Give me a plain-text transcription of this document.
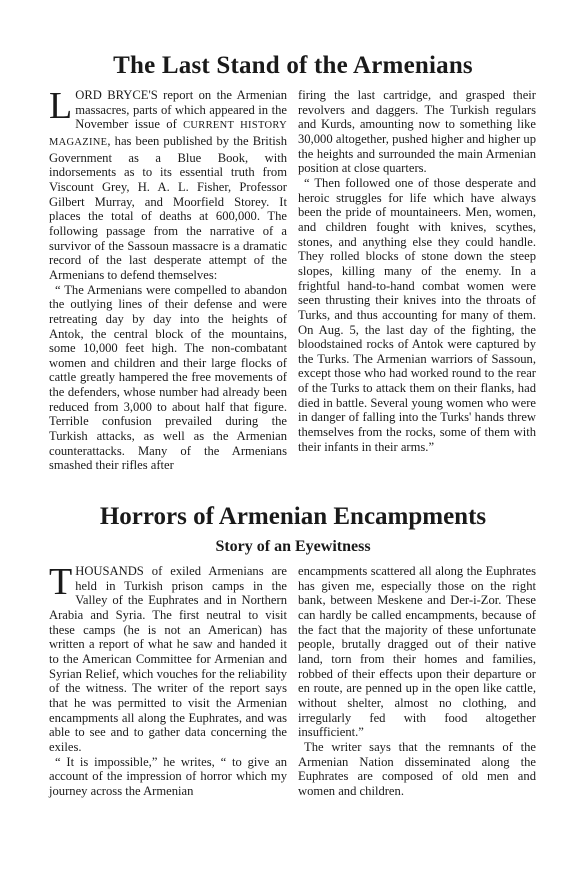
The Last Stand of the Armenians

LORD BRYCE'S report on the Armenian massacres, parts of which appeared in the November issue of CURRENT HISTORY MAGAZINE, has been published by the British Government as a Blue Book, with indorsements as to its essential truth from Viscount Grey, H. A. L. Fisher, Professor Gilbert Murray, and Moorfield Storey. It places the total of deaths at 600,000. The following passage from the narrative of a survivor of the Sassoun massacre is a dramatic record of the last desperate attempt of the Armenians to defend themselves:

“ The Armenians were compelled to abandon the outlying lines of their defense and were retreating day by day into the heights of Antok, the central block of the mountains, some 10,000 feet high. The non-combatant women and children and their large flocks of cattle greatly hampered the free movements of the defenders, whose number had already been reduced from 3,000 to about half that figure. Terrible confusion prevailed during the Turkish attacks, as well as the Armenian counterattacks. Many of the Armenians smashed their rifles after

firing the last cartridge, and grasped their revolvers and daggers. The Turkish regulars and Kurds, amounting now to something like 30,000 altogether, pushed higher and higher up the heights and surrounded the main Armenian position at close quarters.

“ Then followed one of those desperate and heroic struggles for life which have always been the pride of mountaineers. Men, women, and children fought with knives, scythes, stones, and anything else they could handle. They rolled blocks of stone down the steep slopes, killing many of the enemy. In a frightful hand-to-hand combat women were seen thrusting their knives into the throats of Turks, and thus accounting for many of them. On Aug. 5, the last day of the fighting, the bloodstained rocks of Antok were captured by the Turks. The Armenian warriors of Sassoun, except those who had worked round to the rear of the Turks to attack them on their flanks, had died in battle. Several young women who were in danger of falling into the Turks' hands threw themselves from the rocks, some of them with their infants in their arms.”

Horrors of Armenian Encampments
Story of an Eyewitness

THOUSANDS of exiled Armenians are held in Turkish prison camps in the Valley of the Euphrates and in Northern Arabia and Syria. The first neutral to visit these camps (he is not an American) has written a report of what he saw and handed it to the American Committee for Armenian and Syrian Relief, which vouches for the reliability of the witness. The writer of the report says that he was permitted to visit the Armenian encampments all along the Euphrates, and was able to see and to gather data concerning the exiles.

“ It is impossible,” he writes, “ to give an account of the impression of horror which my journey across the Armenian

encampments scattered all along the Euphrates has given me, especially those on the right bank, between Meskene and Der-i-Zor. These can hardly be called encampments, because of the fact that the majority of these unfortunate people, brutally dragged out of their native land, torn from their homes and families, robbed of their effects upon their departure or en route, are penned up in the open like cattle, without shelter, almost no clothing, and irregularly fed with food altogether insufficient.”

The writer says that the remnants of the Armenian Nation disseminated along the Euphrates are composed of old men and women and children.
